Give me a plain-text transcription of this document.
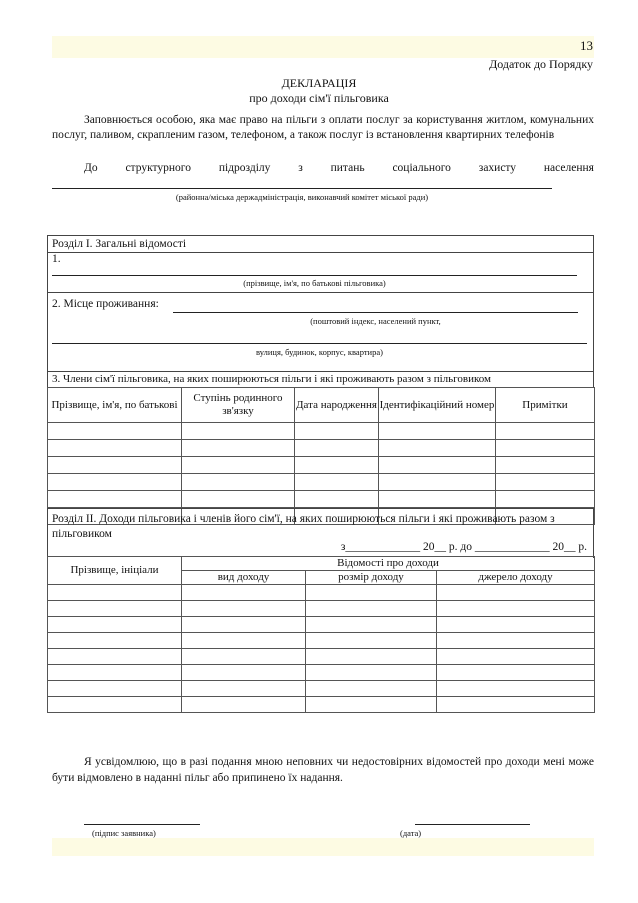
13
Додаток до Порядку
ДЕКЛАРАЦІЯ
про доходи сім'ї пільговика

Заповнюється особою, яка має право на пільги з оплати послуг за користування житлом, комунальних послуг, паливом, скрапленим газом, телефоном, а також послуг із встановлення квартирних телефонів

До структурного підрозділу з питань соціального захисту населення
(районна/міська держадміністрація, виконавчий комітет міської ради)
Розділ І. Загальні відомості
1.
(прізвище, ім'я, по батькові пільговика)
2. Місце проживання:
(поштовий індекс, населений пункт,
вулиця, будинок, корпус, квартира)
3. Члени сім'ї пільговика, на яких поширюються пільги і які проживають разом з пільговиком
Прізвище, ім'я, по батькові	Ступінь родинного зв'язку	Дата народження	Ідентифікаційний номер	Примітки

Розділ ІІ. Доходи пільговика і членів його сім'ї, на яких поширюються пільги і які проживають разом з пільговиком
з_____________ 20__ р. до _____________ 20__ р.
Прізвище, ініціали	Відомості про доходи		
	вид доходу	розмір доходу	джерело доходу

Я усвідомлюю, що в разі подання мною неповних чи недостовірних відомостей про доходи мені може бути відмовлено в наданні пільг або припинено їх надання.

(підпис заявника)	(дата)
